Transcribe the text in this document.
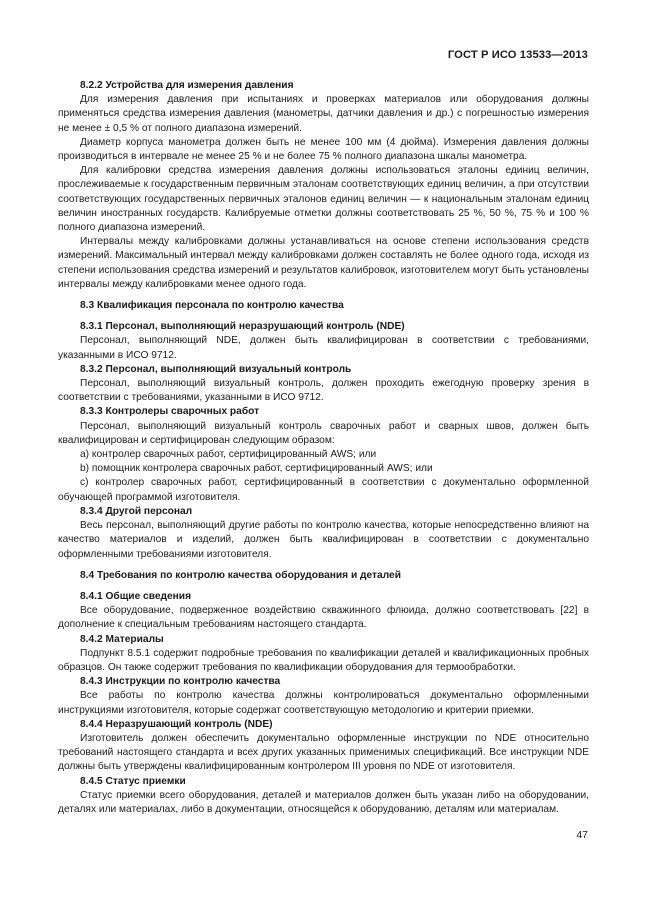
ГОСТ Р ИСО 13533—2013
8.2.2 Устройства для измерения давления

Для измерения давления при испытаниях и проверках материалов или оборудования должны применяться средства измерения давления (манометры, датчики давления и др.) с погрешностью измерения не менее ± 0,5 % от полного диапазона измерений.

Диаметр корпуса манометра должен быть не менее 100 мм (4 дюйма). Измерения давления должны производиться в интервале не менее 25 % и не более 75 % полного диапазона шкалы манометра.

Для калибровки средства измерения давления должны использоваться эталоны единиц величин, прослеживаемые к государственным первичным эталонам соответствующих единиц величин, а при отсутствии соответствующих государственных первичных эталонов единиц величин — к национальным эталонам единиц величин иностранных государств. Калибруемые отметки должны соответствовать 25 %, 50 %, 75 % и 100 % полного диапазона измерений.

Интервалы между калибровками должны устанавливаться на основе степени использования средств измерений. Максимальный интервал между калибровками должен составлять не более одного года, исходя из степени использования средства измерений и результатов калибровок, изготовителем могут быть установлены интервалы между калибровками менее одного года.

8.3 Квалификация персонала по контролю качества
8.3.1 Персонал, выполняющий неразрушающий контроль (NDE)

Персонал, выполняющий NDE, должен быть квалифицирован в соответствии с требованиями, указанными в ИСО 9712.

8.3.2 Персонал, выполняющий визуальный контроль

Персонал, выполняющий визуальный контроль, должен проходить ежегодную проверку зрения в соответствии с требованиями, указанными в ИСО 9712.

8.3.3 Контролеры сварочных работ

Персонал, выполняющий визуальный контроль сварочных работ и сварных швов, должен быть квалифицирован и сертифицирован следующим образом:

а) контролер сварочных работ, сертифицированный AWS; или

b) помощник контролера сварочных работ, сертифицированный AWS; или

с) контролер сварочных работ, сертифицированный в соответствии с документально оформленной обучающей программой изготовителя.

8.3.4 Другой персонал

Весь персонал, выполняющий другие работы по контролю качества, которые непосредственно влияют на качество материалов и изделий, должен быть квалифицирован в соответствии с документально оформленными требованиями изготовителя.

8.4 Требования по контролю качества оборудования и деталей
8.4.1 Общие сведения

Все оборудование, подверженное воздействию скважинного флюида, должно соответствовать [22] в дополнение к специальным требованиям настоящего стандарта.

8.4.2 Материалы

Подпункт 8.5.1 содержит подробные требования по квалификации деталей и квалификационных пробных образцов. Он также содержит требования по квалификации оборудования для термообработки.

8.4.3 Инструкции по контролю качества

Все работы по контролю качества должны контролироваться документально оформленными инструкциями изготовителя, которые содержат соответствующую методологию и критерии приемки.

8.4.4 Неразрушающий контроль (NDE)

Изготовитель должен обеспечить документально оформленные инструкции по NDE относительно требований настоящего стандарта и всех других указанных применимых спецификаций. Все инструкции NDE должны быть утверждены квалифицированным контролером III уровня по NDE от изготовителя.

8.4.5 Статус приемки

Статус приемки всего оборудования, деталей и материалов должен быть указан либо на оборудовании, деталях или материалах, либо в документации, относящейся к оборудованию, деталям или материалам.

47
